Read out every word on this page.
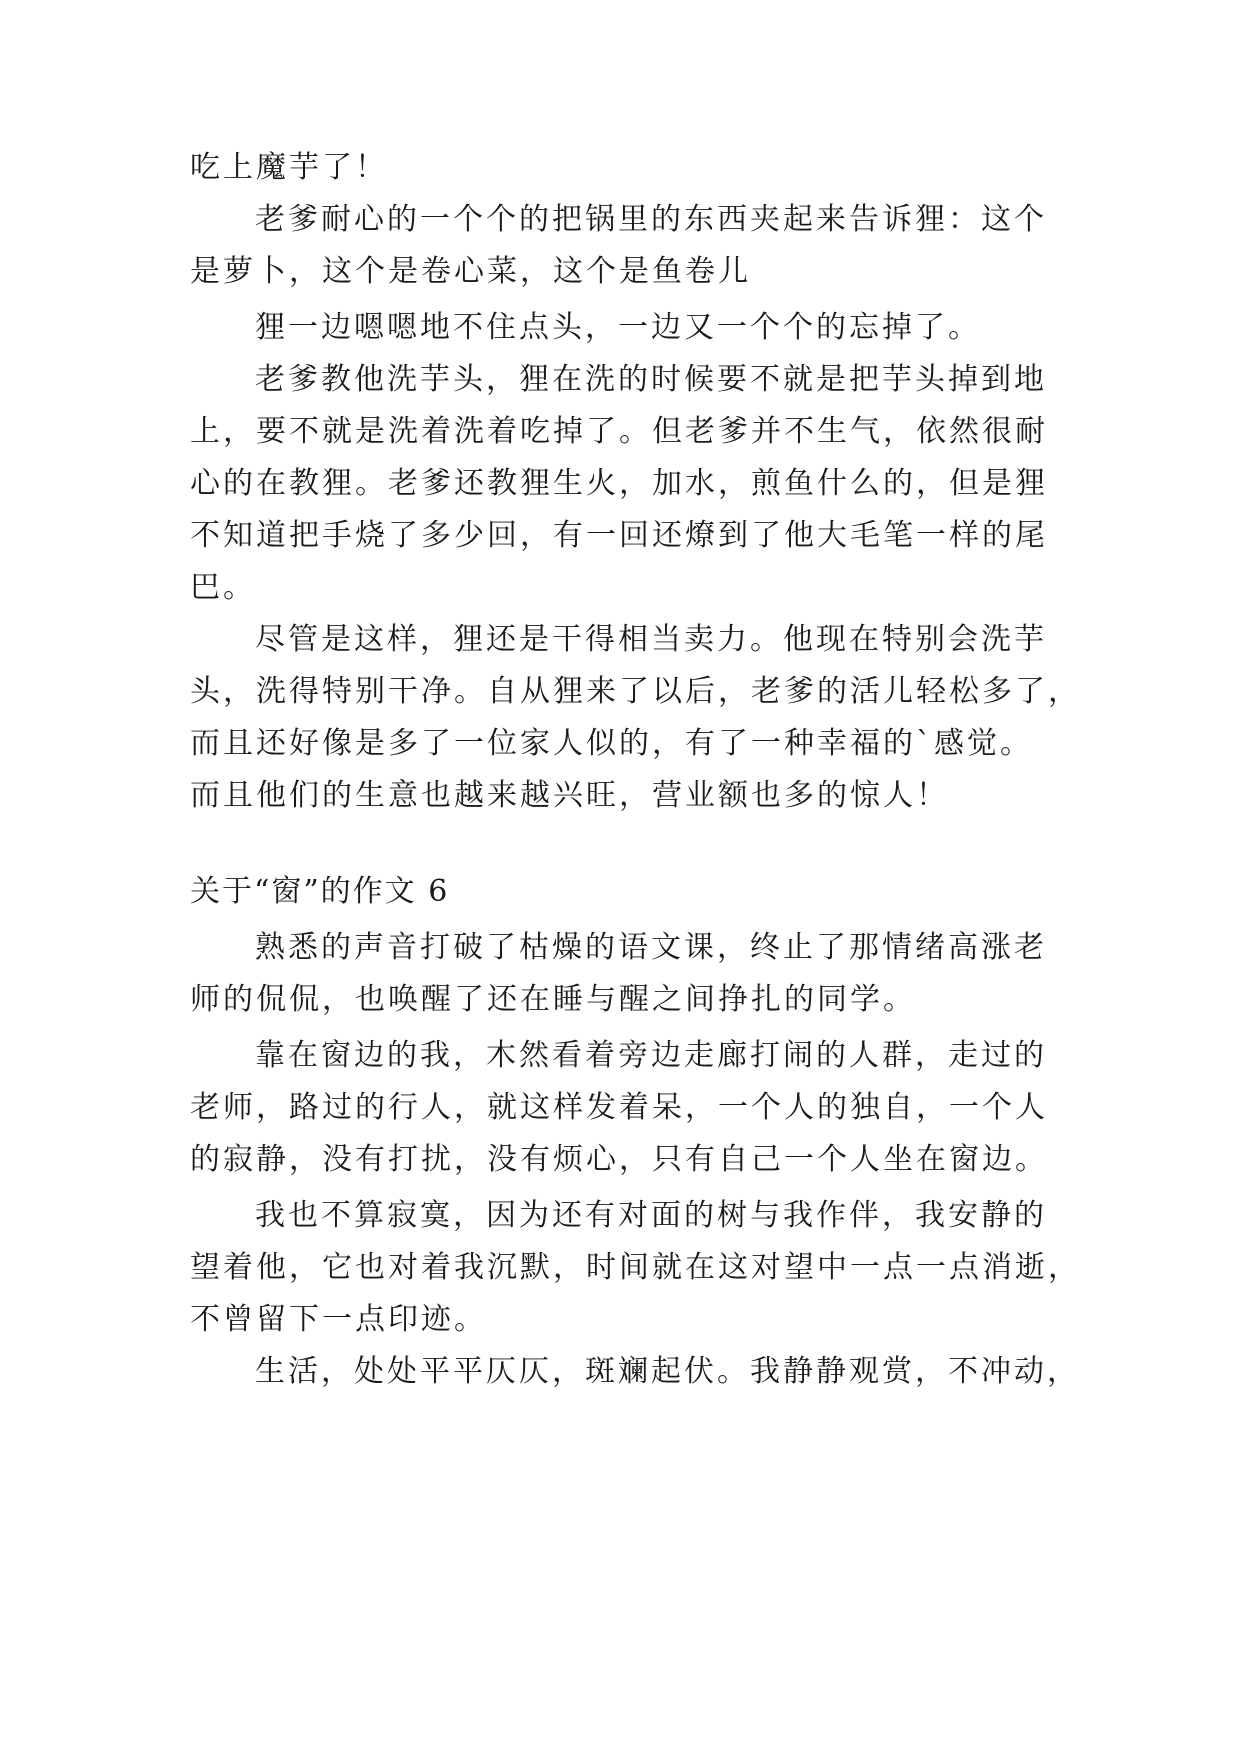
吃上魔芋了！
老爹耐心的一个个的把锅里的东西夹起来告诉狸：这个
是萝卜，这个是卷心菜，这个是鱼卷儿
狸一边嗯嗯地不住点头，一边又一个个的忘掉了。
老爹教他洗芋头，狸在洗的时候要不就是把芋头掉到地
上，要不就是洗着洗着吃掉了。但老爹并不生气，依然很耐
心的在教狸。老爹还教狸生火，加水，煎鱼什么的，但是狸
不知道把手烧了多少回，有一回还燎到了他大毛笔一样的尾
巴。
尽管是这样，狸还是干得相当卖力。他现在特别会洗芋
头，洗得特别干净。自从狸来了以后，老爹的活儿轻松多了，
而且还好像是多了一位家人似的，有了一种幸福的`感觉。
而且他们的生意也越来越兴旺，营业额也多的惊人！
关于“窗”的作文 6
熟悉的声音打破了枯燥的语文课，终止了那情绪高涨老
师的侃侃，也唤醒了还在睡与醒之间挣扎的同学。
靠在窗边的我，木然看着旁边走廊打闹的人群，走过的
老师，路过的行人，就这样发着呆，一个人的独自，一个人
的寂静，没有打扰，没有烦心，只有自己一个人坐在窗边。
我也不算寂寞，因为还有对面的树与我作伴，我安静的
望着他，它也对着我沉默，时间就在这对望中一点一点消逝，
不曾留下一点印迹。
生活，处处平平仄仄，斑斓起伏。我静静观赏，不冲动，
